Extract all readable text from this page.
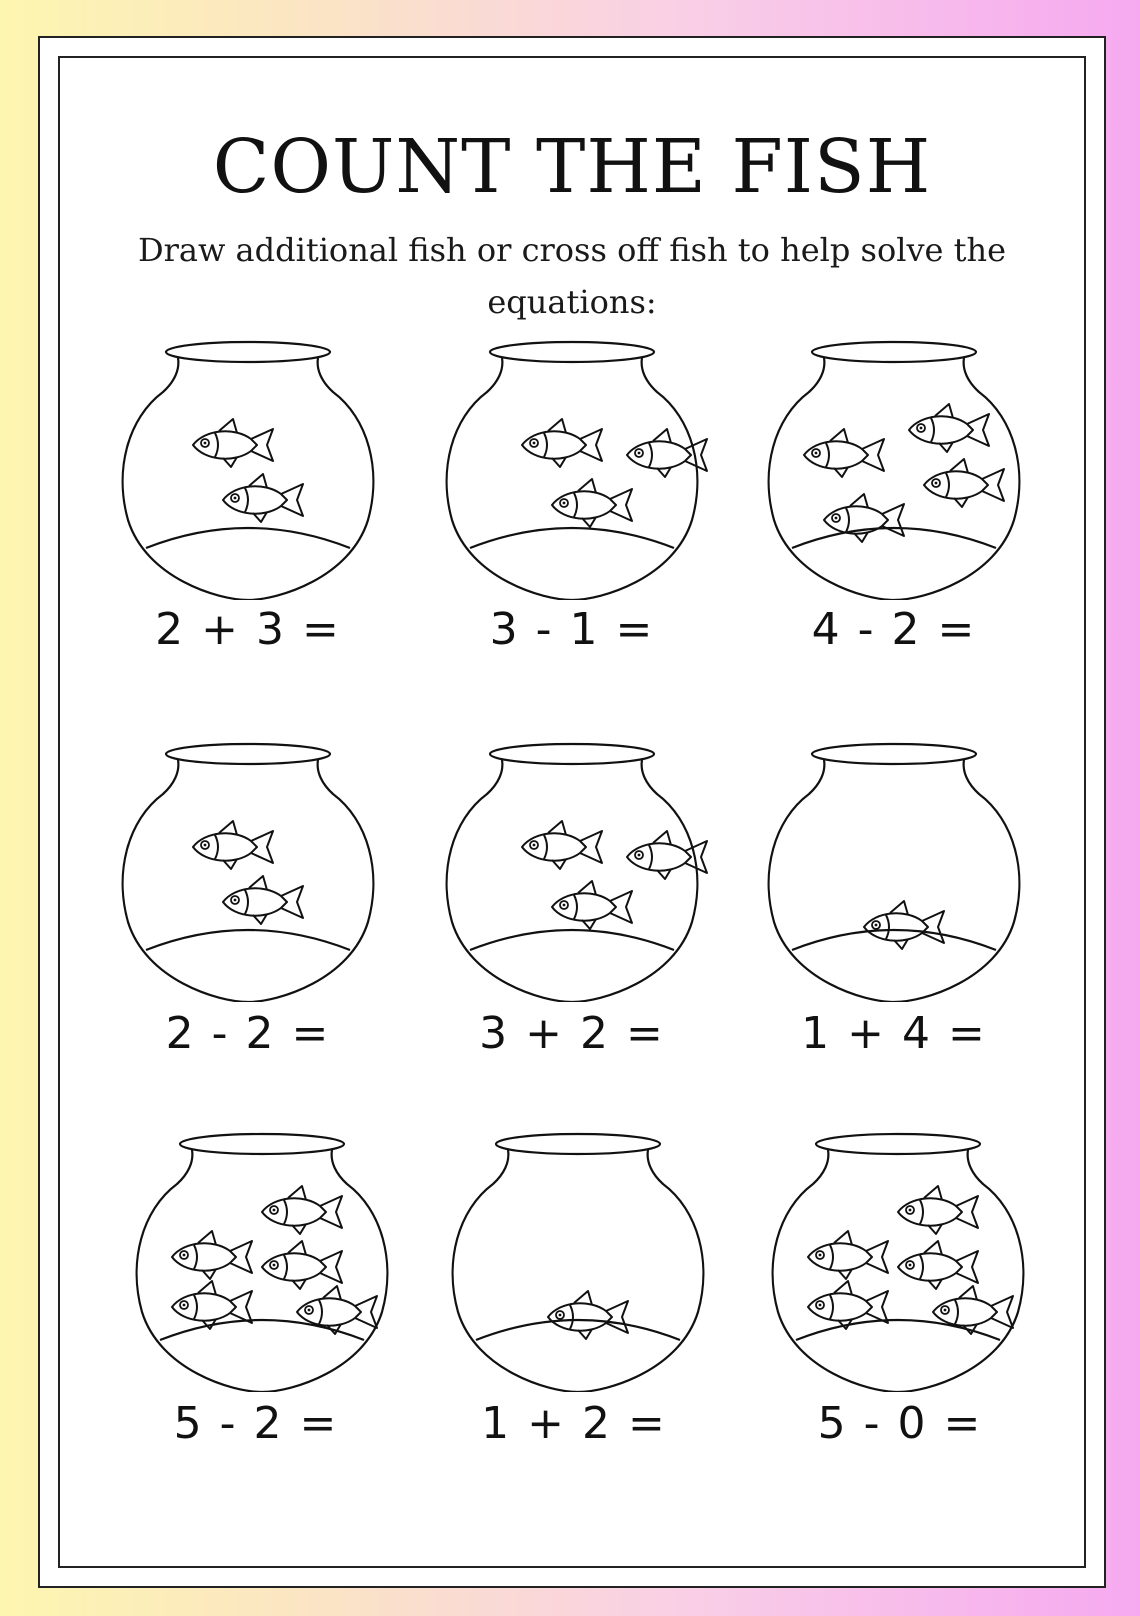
COUNT THE FISH
Draw additional fish or cross off fish to help solve the equations:
2 + 3 =	3 - 1 =	4 - 2 =
2 - 2 =	3 + 2 =	1 + 4 =
5 - 2 =	1 + 2 =	5 - 0 =
